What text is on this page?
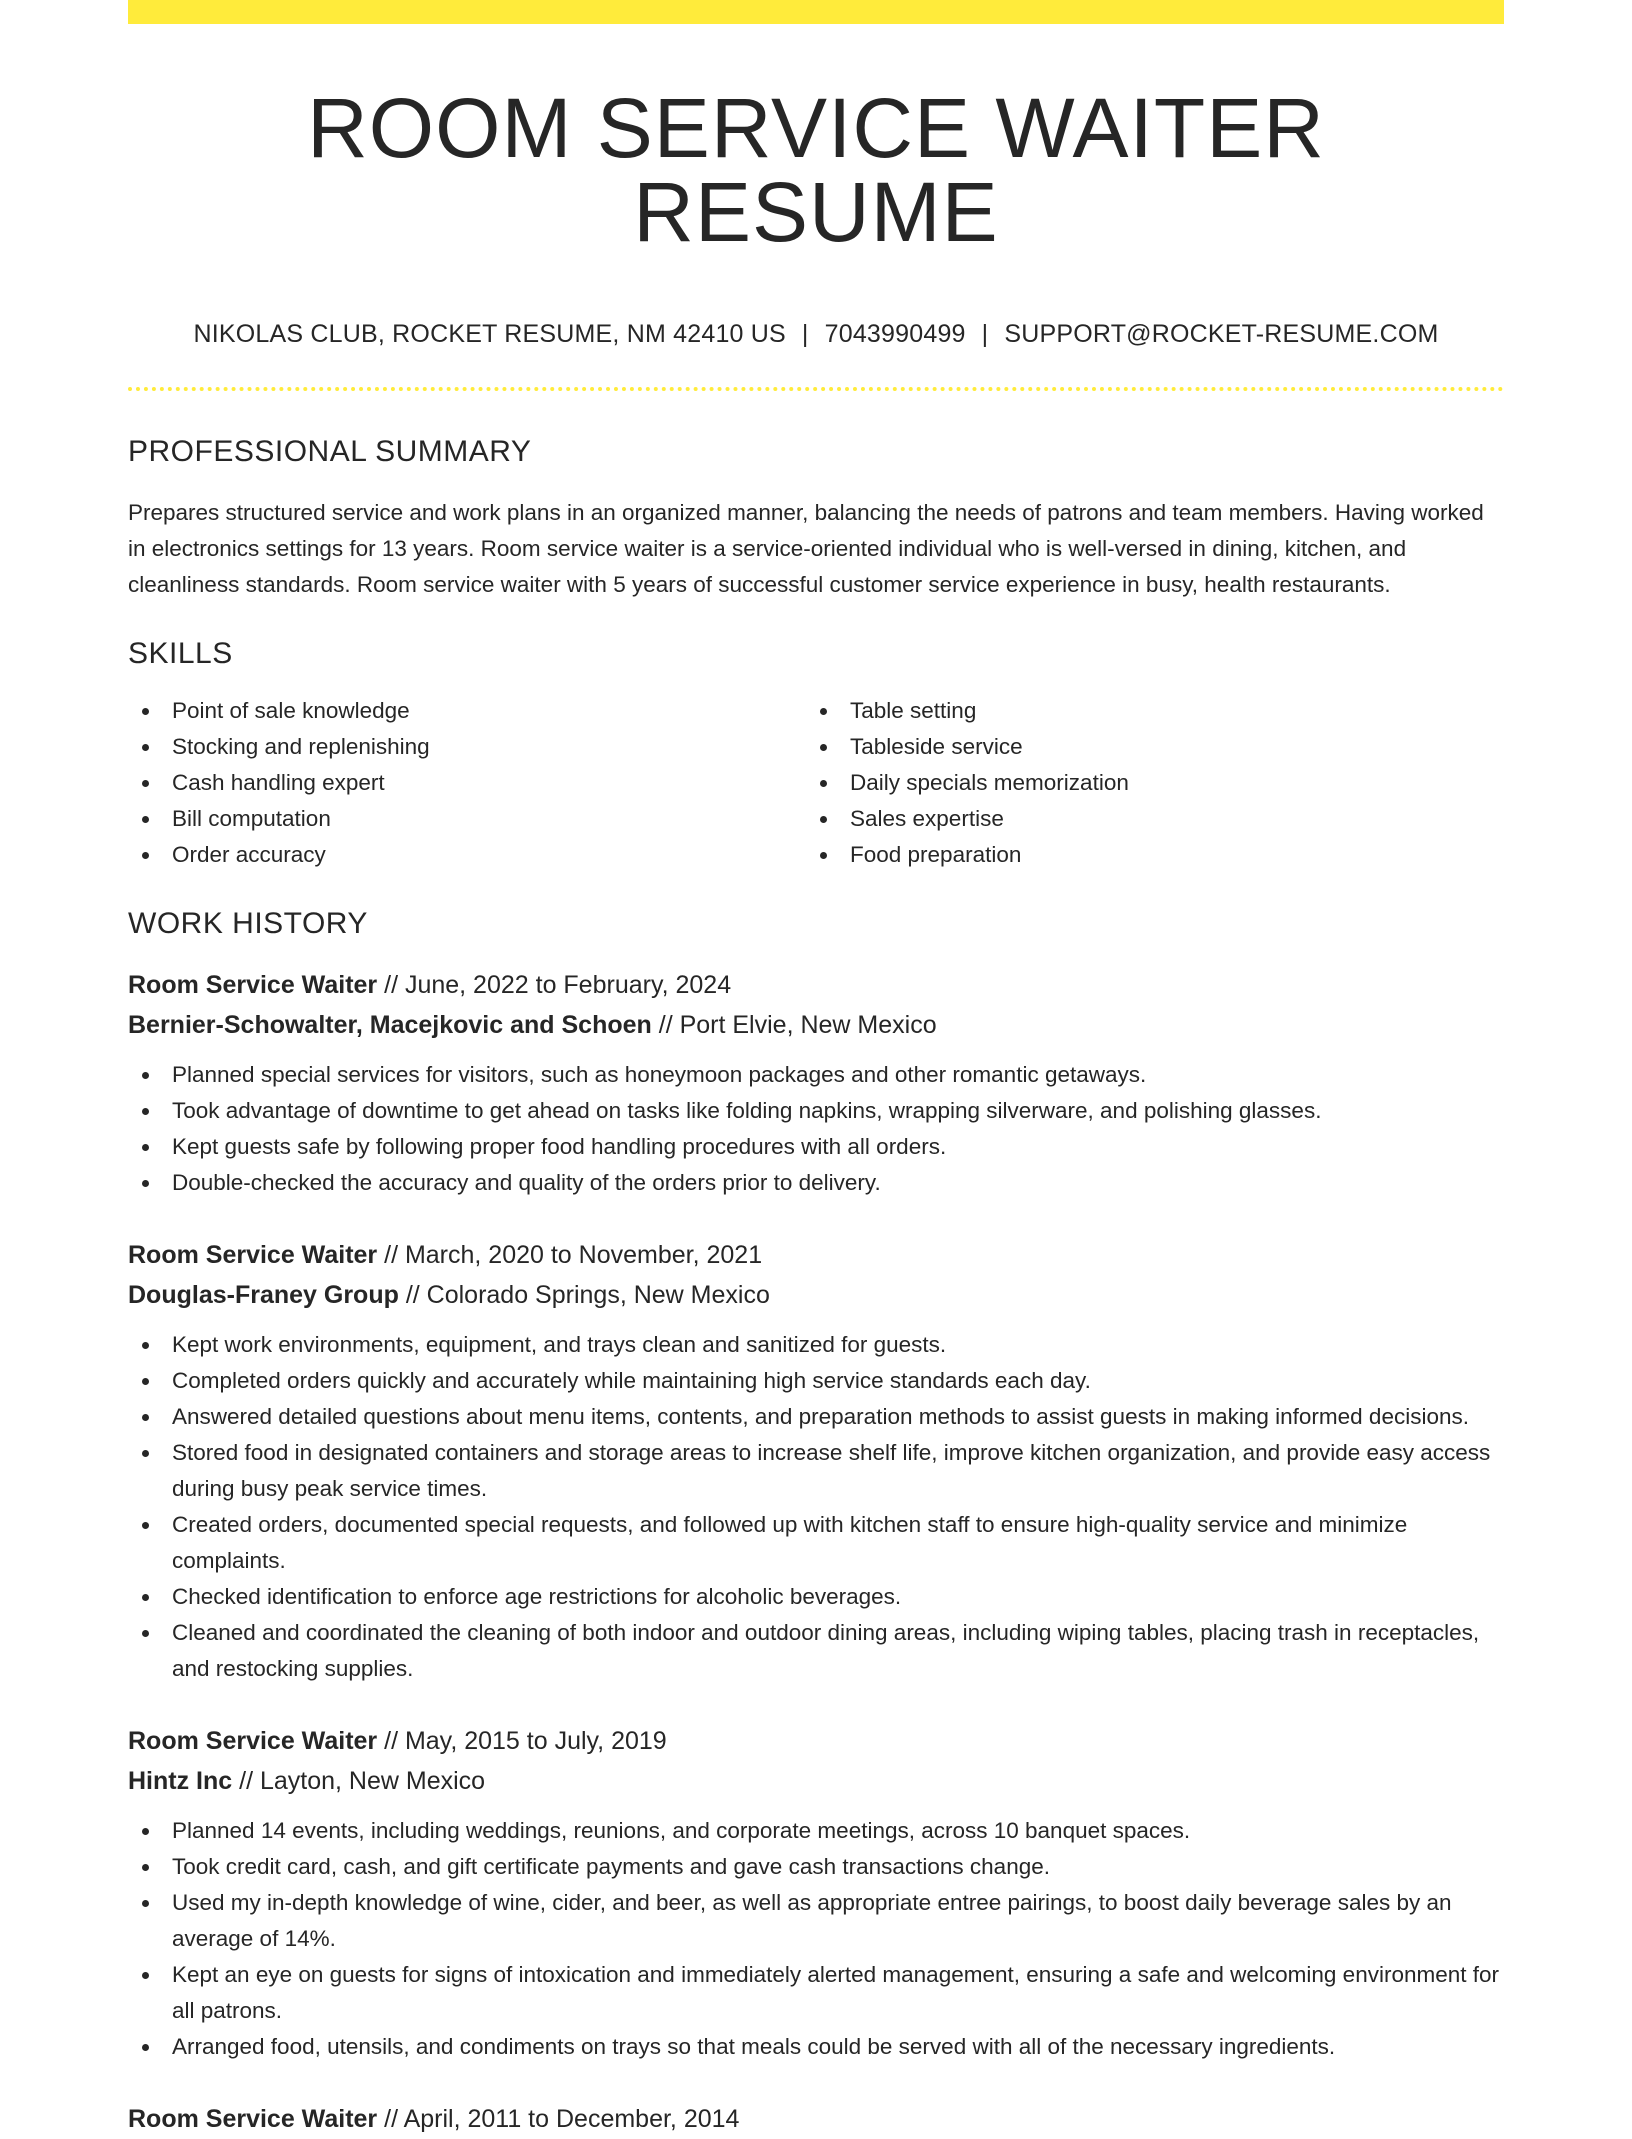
ROOM SERVICE WAITER RESUME
NIKOLAS CLUB, ROCKET RESUME, NM 42410 US | 7043990499 | SUPPORT@ROCKET-RESUME.COM
PROFESSIONAL SUMMARY

Prepares structured service and work plans in an organized manner, balancing the needs of patrons and team members. Having worked in electronics settings for 13 years. Room service waiter is a service-oriented individual who is well-versed in dining, kitchen, and cleanliness standards. Room service waiter with 5 years of successful customer service experience in busy, health restaurants.

SKILLS
Point of sale knowledge
Stocking and replenishing
Cash handling expert
Bill computation
Order accuracy
Table setting
Tableside service
Daily specials memorization
Sales expertise
Food preparation
WORK HISTORY
Room Service Waiter // June, 2022 to February, 2024
Bernier-Schowalter, Macejkovic and Schoen // Port Elvie, New Mexico
Planned special services for visitors, such as honeymoon packages and other romantic getaways.
Took advantage of downtime to get ahead on tasks like folding napkins, wrapping silverware, and polishing glasses.
Kept guests safe by following proper food handling procedures with all orders.
Double-checked the accuracy and quality of the orders prior to delivery.
Room Service Waiter // March, 2020 to November, 2021
Douglas-Franey Group // Colorado Springs, New Mexico
Kept work environments, equipment, and trays clean and sanitized for guests.
Completed orders quickly and accurately while maintaining high service standards each day.
Answered detailed questions about menu items, contents, and preparation methods to assist guests in making informed decisions.
Stored food in designated containers and storage areas to increase shelf life, improve kitchen organization, and provide easy access during busy peak service times.
Created orders, documented special requests, and followed up with kitchen staff to ensure high-quality service and minimize complaints.
Checked identification to enforce age restrictions for alcoholic beverages.
Cleaned and coordinated the cleaning of both indoor and outdoor dining areas, including wiping tables, placing trash in receptacles, and restocking supplies.
Room Service Waiter // May, 2015 to July, 2019
Hintz Inc // Layton, New Mexico
Planned 14 events, including weddings, reunions, and corporate meetings, across 10 banquet spaces.
Took credit card, cash, and gift certificate payments and gave cash transactions change.
Used my in-depth knowledge of wine, cider, and beer, as well as appropriate entree pairings, to boost daily beverage sales by an average of 14%.
Kept an eye on guests for signs of intoxication and immediately alerted management, ensuring a safe and welcoming environment for all patrons.
Arranged food, utensils, and condiments on trays so that meals could be served with all of the necessary ingredients.
Room Service Waiter // April, 2011 to December, 2014
